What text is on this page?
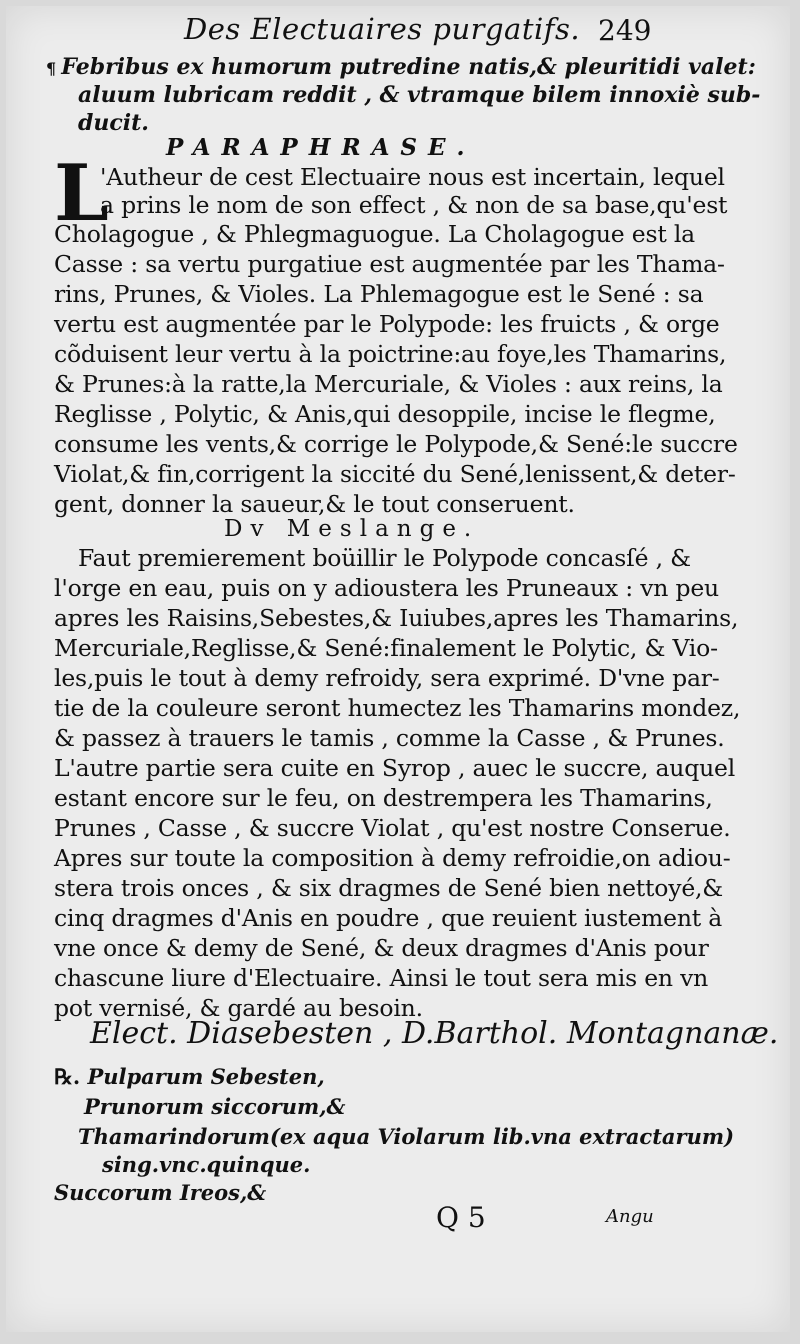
Des Electuaires purgatifs. 249
¶ Febribus ex humorum putredine natis,& pleuritidi valet:
aluum lubricam reddit , & vtramque bilem innoxiè sub-
ducit.
PARAPHRASE.
L
'Autheur de cest Electuaire nous est incertain, lequel
a prins le nom de son effect , & non de sa base,qu'est
Cholagogue , & Phlegmaguogue. La Cholagogue est la
Casse : sa vertu purgatiue est augmentée par les Thama-
rins, Prunes, & Violes. La Phlemagogue est le Sené : sa
vertu est augmentée par le Polypode: les fruicts , & orge
cõduisent leur vertu à la poictrine:au foye,les Thamarins,
& Prunes:à la ratte,la Mercuriale, & Violes : aux reins, la
Reglisse , Polytic, & Anis,qui desoppile, incise le flegme,
consume les vents,& corrige le Polypode,& Sené:le succre
Violat,& fin,corrigent la siccité du Sené,lenissent,& deter-
gent, donner la saueur,& le tout conseruent.
Dv Meslange.
Faut premierement boüillir le Polypode concasſé , &
l'orge en eau, puis on y adioustera les Pruneaux : vn peu
apres les Raisins,Sebestes,& Iuiubes,apres les Thamarins,
Mercuriale,Reglisse,& Sené:finalement le Polytic, & Vio-
les,puis le tout à demy refroidy, sera exprimé. D'vne par-
tie de la couleure seront humectez les Thamarins mondez,
& passez à trauers le tamis , comme la Casse , & Prunes.
L'autre partie sera cuite en Syrop , auec le succre, auquel
estant encore sur le feu, on destrempera les Thamarins,
Prunes , Casse , & succre Violat , qu'est nostre Conserue.
Apres sur toute la composition à demy refroidie,on adiou-
stera trois onces , & six dragmes de Sené bien nettoyé,&
cinq dragmes d'Anis en poudre , que reuient iustement à
vne once & demy de Sené, & deux dragmes d'Anis pour
chascune liure d'Electuaire. Ainsi le tout sera mis en vn
pot vernisé, & gardé au besoin.
Elect. Diasebesten , D.Barthol. Montagnanæ.
℞. Pulparum Sebesten,
Prunorum siccorum,&
Thamarindorum(ex aqua Violarum lib.vna extractarum)
sing.vnc.quinque.
Succorum Ireos,&
Q 5	Angu
